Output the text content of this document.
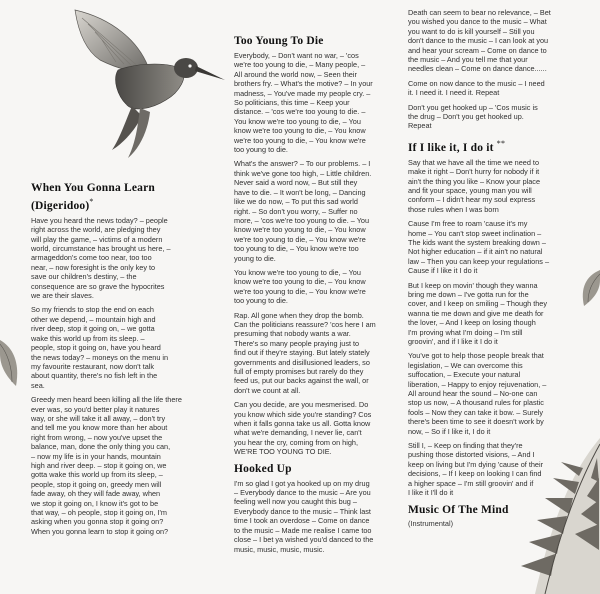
When You Gonna Learn
(Digeridoo)*

Have you heard the news today? – people
right across the world, are pledging they
will play the game, – victims of a modern
world, circumstance has brought us here, –
armageddon's come too near, too too
near, – now foresight is the only key to
save our children's destiny, – the
consequence are so grave the hypocrites
we are their slaves.

So my friends to stop the end on each
other we depend, – mountain high and
river deep, stop it going on, – we gotta
wake this world up from its sleep. –
people, stop it going on, have you heard
the news today? – moneys on the menu in
my favourite restaurant, now don't talk
about quantity, there's no fish left in the
sea.

Greedy men heard been killing all the life there
ever was, so you'd better play it natures
way, or she will take it all away, – don't try
and tell me you know more than her about
right from wrong, – now you've upset the
balance, man, done the only thing you can,
– now my life is in your hands, mountain
high and river deep. – stop it going on, we
gotta wake this world up from its sleep, –
people, stop it going on, greedy men will
fade away, oh they will fade away, when
we stop it going on, I know it's got to be
that way, – oh people, stop it going on, I'm
asking when you gonna stop it going on?
When you gonna learn to stop it going on?

Too Young To Die

Everybody, – Don't want no war, – 'cos
we're too young to die, – Many people, –
All around the world now, – Seen their
brothers fry. – What's the motive? – In your
madness, – You've made my people cry. –
So politicians, this time – Keep your
distance. – 'cos we're too young to die. –
You know we're too young to die, – You
know we're too young to die, – You know
we're too young to die, – You know we're
too young to die.

What's the answer? – To our problems. – I
think we've gone too high, – Little children.
Never said a word now, – But still they
have to die. – It won't be long, – Dancing
like we do now, – To put this sad world
right. – So don't you worry, – Suffer no
more, – 'cos we're too young to die. – You
know we're too young to die, – You know
we're too young to die, – You know we're
too young to die, – You know we're too
young to die.

You know we're too young to die, – You
know we're too young to die, – You know
we're too young to die, – You know we're
too young to die.

Rap. All gone when they drop the bomb.
Can the politicians reassure? 'cos here I am
presuming that nobody wants a war.
There's so many people praying just to
find out if they're staying. But lately stately
governments and disillusioned leaders, so
full of empty promises but rarely do they
feed us, put our backs against the wall, or
don't we count at all.

Can you decide, are you mesmerised. Do
you know which side you're standing? Cos
when it falls gonna take us all. Gotta know
what we're demanding, I never lie, can't
you hear the cry, coming from on high,
WE'RE TOO YOUNG TO DIE.

Hooked Up

I'm so glad I got ya hooked up on my drug
– Everybody dance to the music – Are you
feeling well now you caught this bug –
Everybody dance to the music – Think last
time I took an overdose – Come on dance
to the music – Made me realise I came too
close – I bet ya wished you'd danced to the
music, music, music, music.

Death can seem to bear no relevance, – Bet
you wished you dance to the music – What
you want to do is kill yourself – Still you
don't dance to the music – I can look at you
and hear your scream – Come on dance to
the music – And you tell me that your
needles clean – Come on dance dance......

Come on now dance to the music – I need
it. I need it. I need it. Repeat

Don't you get hooked up – 'Cos music is
the drug – Don't you get hooked up.
Repeat

If I like it, I do it **

Say that we have all the time we need to
make it right – Don't hurry for nobody if it
ain't the thing you like – Know your place
and fit your space, young man you will
conform – I didn't hear my soul express
those rules when I was born

Cause I'm free to roam 'cause it's my
home – You can't stop sweet inclination –
The kids want the system breaking down –
Not higher education – if it ain't no natural
law – Then you can keep your regulations –
Cause if I like it I do it

But I keep on movin' though they wanna
bring me down – I've gotta run for the
cover, and I keep on smiling – Though they
wanna tie me down and give me death for
the lover, – And I keep on losing though
I'm proving what I'm doing – I'm still
groovin', and if I like it I do it

You've got to help those people break that
legislation, – We can overcome this
suffocation, – Execute your natural
liberation, – Happy to enjoy rejuvenation, –
All around hear the sound – No-one can
stop us now, – A thousand rules for plastic
fools – Now they can take it bow. – Surely
there's been time to see it doesn't work by
now, – So if I like it, I do it

Still I, – Keep on finding that they're
pushing those distorted visions, – And I
keep on living but I'm dying 'cause of their
decisions, – If I keep on looking I can find
a higher space – I'm still groovin' and if
I like it I'll do it

Music Of The Mind
(Instrumental)
